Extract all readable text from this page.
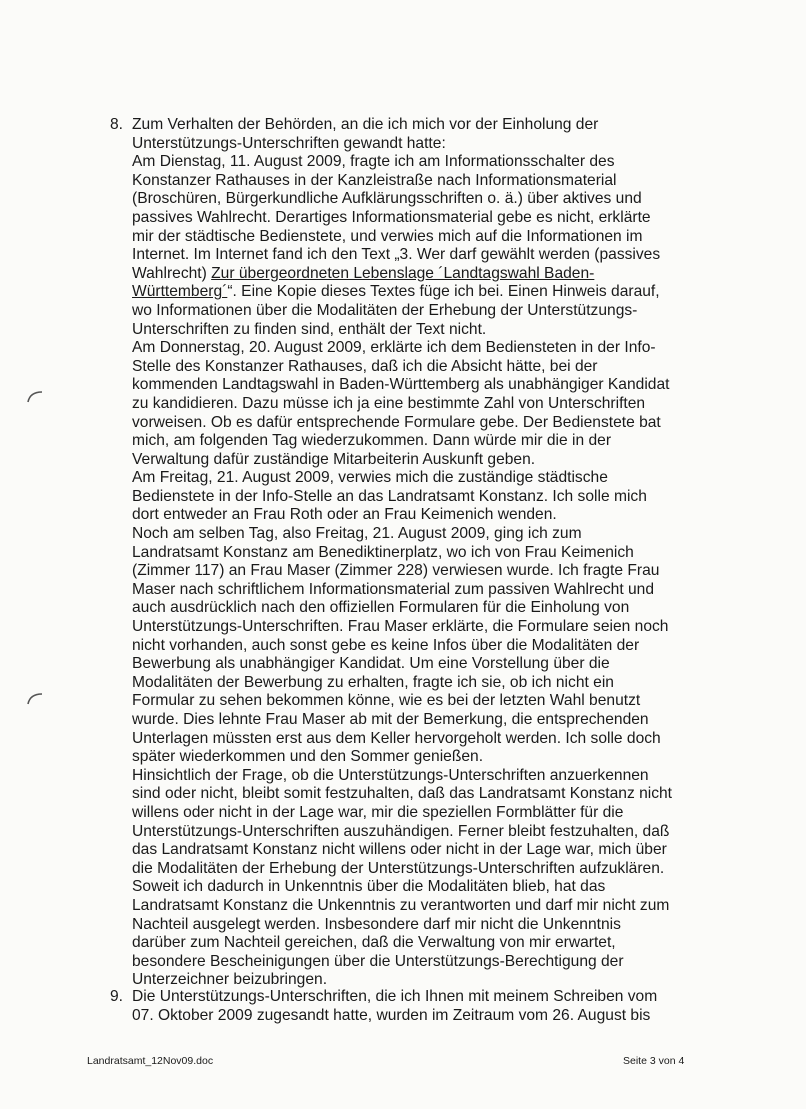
8. Zum Verhalten der Behörden, an die ich mich vor der Einholung der
Unterstützungs-Unterschriften gewandt hatte:
Am Dienstag, 11. August 2009, fragte ich am Informationsschalter des
Konstanzer Rathauses in der Kanzleistraße nach Informationsmaterial
(Broschüren, Bürgerkundliche Aufklärungsschriften o. ä.) über aktives und
passives Wahlrecht. Derartiges Informationsmaterial gebe es nicht, erklärte
mir der städtische Bedienstete, und verwies mich auf die Informationen im
Internet. Im Internet fand ich den Text „3. Wer darf gewählt werden (passives
Wahlrecht) Zur übergeordneten Lebenslage ´Landtagswahl Baden-
Württemberg´“. Eine Kopie dieses Textes füge ich bei. Einen Hinweis darauf,
wo Informationen über die Modalitäten der Erhebung der Unterstützungs-
Unterschriften zu finden sind, enthält der Text nicht.
Am Donnerstag, 20. August 2009, erklärte ich dem Bediensteten in der Info-
Stelle des Konstanzer Rathauses, daß ich die Absicht hätte, bei der
kommenden Landtagswahl in Baden-Württemberg als unabhängiger Kandidat
zu kandidieren. Dazu müsse ich ja eine bestimmte Zahl von Unterschriften
vorweisen. Ob es dafür entsprechende Formulare gebe. Der Bedienstete bat
mich, am folgenden Tag wiederzukommen. Dann würde mir die in der
Verwaltung dafür zuständige Mitarbeiterin Auskunft geben.
Am Freitag, 21. August 2009, verwies mich die zuständige städtische
Bedienstete in der Info-Stelle an das Landratsamt Konstanz. Ich solle mich
dort entweder an Frau Roth oder an Frau Keimenich wenden.
Noch am selben Tag, also Freitag, 21. August 2009, ging ich zum
Landratsamt Konstanz am Benediktinerplatz, wo ich von Frau Keimenich
(Zimmer 117) an Frau Maser (Zimmer 228) verwiesen wurde. Ich fragte Frau
Maser nach schriftlichem Informationsmaterial zum passiven Wahlrecht und
auch ausdrücklich nach den offiziellen Formularen für die Einholung von
Unterstützungs-Unterschriften. Frau Maser erklärte, die Formulare seien noch
nicht vorhanden, auch sonst gebe es keine Infos über die Modalitäten der
Bewerbung als unabhängiger Kandidat. Um eine Vorstellung über die
Modalitäten der Bewerbung zu erhalten, fragte ich sie, ob ich nicht ein
Formular zu sehen bekommen könne, wie es bei der letzten Wahl benutzt
wurde. Dies lehnte Frau Maser ab mit der Bemerkung, die entsprechenden
Unterlagen müssten erst aus dem Keller hervorgeholt werden. Ich solle doch
später wiederkommen und den Sommer genießen.
Hinsichtlich der Frage, ob die Unterstützungs-Unterschriften anzuerkennen
sind oder nicht, bleibt somit festzuhalten, daß das Landratsamt Konstanz nicht
willens oder nicht in der Lage war, mir die speziellen Formblätter für die
Unterstützungs-Unterschriften auszuhändigen. Ferner bleibt festzuhalten, daß
das Landratsamt Konstanz nicht willens oder nicht in der Lage war, mich über
die Modalitäten der Erhebung der Unterstützungs-Unterschriften aufzuklären.
Soweit ich dadurch in Unkenntnis über die Modalitäten blieb, hat das
Landratsamt Konstanz die Unkenntnis zu verantworten und darf mir nicht zum
Nachteil ausgelegt werden. Insbesondere darf mir nicht die Unkenntnis
darüber zum Nachteil gereichen, daß die Verwaltung von mir erwartet,
besondere Bescheinigungen über die Unterstützungs-Berechtigung der
Unterzeichner beizubringen.
9. Die Unterstützungs-Unterschriften, die ich Ihnen mit meinem Schreiben vom
07. Oktober 2009 zugesandt hatte, wurden im Zeitraum vom 26. August bis
Landratsamt_12Nov09.doc	Seite 3 von 4
